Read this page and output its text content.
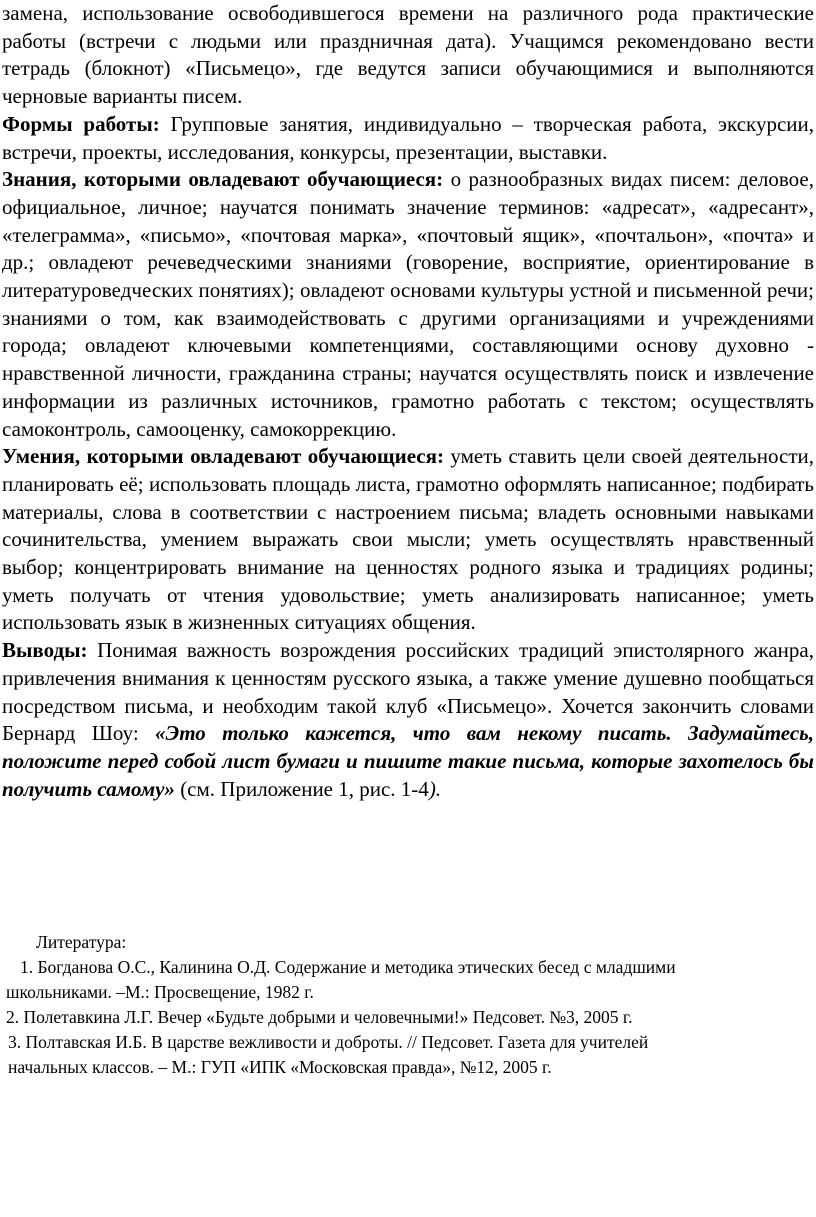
замена, использование освободившегося времени на различного рода практические работы (встречи с людьми или праздничная дата). Учащимся рекомендовано вести тетрадь (блокнот) «Письмецо», где ведутся записи обучающимися и выполняются черновые варианты писем.

Формы работы: Групповые занятия, индивидуально – творческая работа, экскурсии, встречи, проекты, исследования, конкурсы, презентации, выставки.

Знания, которыми овладевают обучающиеся: о разнообразных видах писем: деловое, официальное, личное; научатся понимать значение терминов: «адресат», «адресант», «телеграмма», «письмо», «почтовая марка», «почтовый ящик», «почтальон», «почта» и др.; овладеют речеведческими знаниями (говорение, восприятие, ориентирование в литературоведческих понятиях); овладеют основами культуры устной и письменной речи; знаниями о том, как взаимодействовать с другими организациями и учреждениями города; овладеют ключевыми компетенциями, составляющими основу духовно - нравственной личности, гражданина страны; научатся осуществлять поиск и извлечение информации из различных источников, грамотно работать с текстом; осуществлять самоконтроль, самооценку, самокоррекцию.

Умения, которыми овладевают обучающиеся: уметь ставить цели своей деятельности, планировать её; использовать площадь листа, грамотно оформлять написанное; подбирать материалы, слова в соответствии с настроением письма; владеть основными навыками сочинительства, умением выражать свои мысли; уметь осуществлять нравственный выбор; концентрировать внимание на ценностях родного языка и традициях родины; уметь получать от чтения удовольствие; уметь анализировать написанное; уметь использовать язык в жизненных ситуациях общения.

Выводы: Понимая важность возрождения российских традиций эпистолярного жанра, привлечения внимания к ценностям русского языка, а также умение душевно пообщаться посредством письма, и необходим такой клуб «Письмецо». Хочется закончить словами Бернард Шоу: «Это только кажется, что вам некому писать. Задумайтесь, положите перед собой лист бумаги и пишите такие письма, которые захотелось бы получить самому» (см. Приложение 1, рис. 1-4).

Литература:
1. Богданова О.С., Калинина О.Д. Содержание и методика этических бесед с младшими
школьниками. –М.: Просвещение, 1982 г.
2. Полетавкина Л.Г. Вечер «Будьте добрыми и человечными!» Педсовет. №3, 2005 г.
3. Полтавская И.Б. В царстве вежливости и доброты. // Педсовет. Газета для учителей
начальных классов. – М.: ГУП «ИПК «Московская правда», №12, 2005 г.
